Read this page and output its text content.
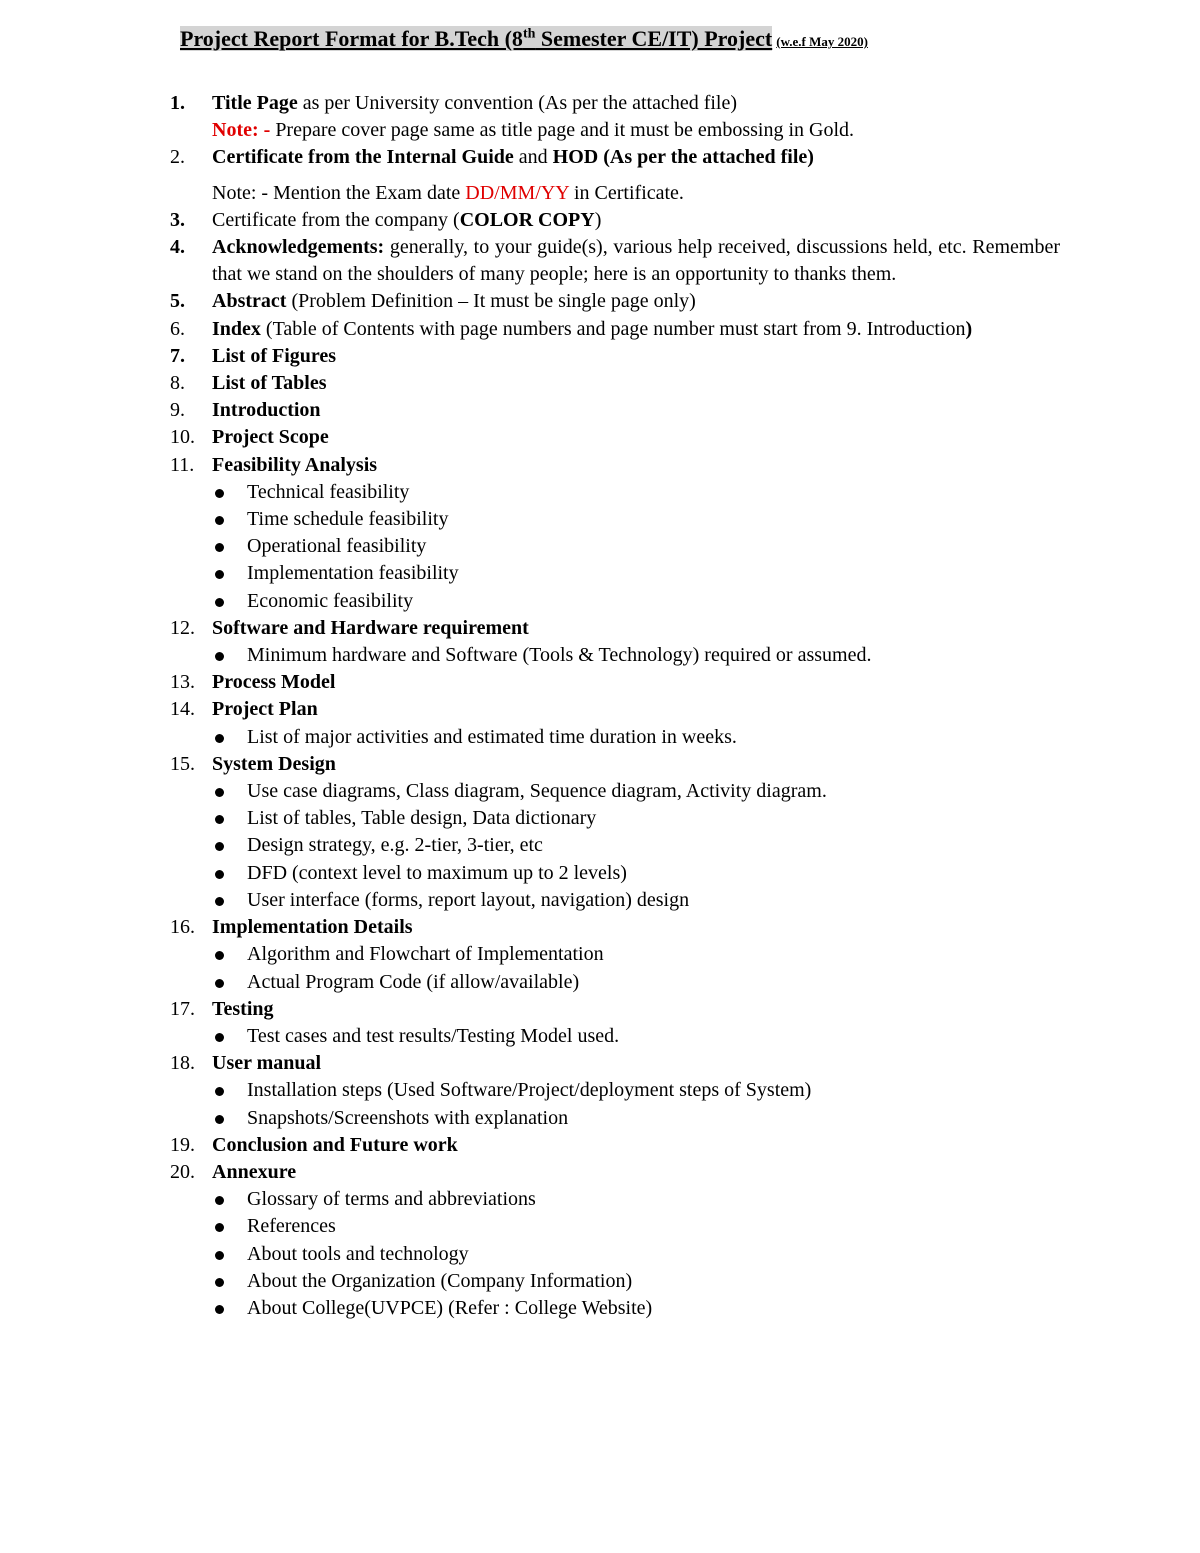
Project Report Format for B.Tech (8th Semester CE/IT) Project (w.e.f May 2020)
1.	Title Page as per University convention (As per the attached file)
Note: - Prepare cover page same as title page and it must be embossing in Gold.
2.	Certificate from the Internal Guide and HOD (As per the attached file)
Note: - Mention the Exam date DD/MM/YY in Certificate.
3.	Certificate from the company (COLOR COPY)
4.	Acknowledgements: generally, to your guide(s), various help received, discussions held, etc. Remember that we stand on the shoulders of many people; here is an opportunity to thanks them.
5.	Abstract (Problem Definition – It must be single page only)
6.	Index (Table of Contents with page numbers and page number must start from 9. Introduction)
7.	List of Figures
8.	List of Tables
9.	Introduction
10. Project Scope
11. Feasibility Analysis
Technical feasibility
Time schedule feasibility
Operational feasibility
Implementation feasibility
Economic feasibility
12. Software and Hardware requirement
Minimum hardware and Software (Tools & Technology) required or assumed.
13. Process Model
14. Project Plan
List of major activities and estimated time duration in weeks.
15. System Design
Use case diagrams, Class diagram, Sequence diagram, Activity diagram.
List of tables, Table design, Data dictionary
Design strategy, e.g. 2-tier, 3-tier, etc
DFD (context level to maximum up to 2 levels)
User interface (forms, report layout, navigation) design
16. Implementation Details
Algorithm and Flowchart of Implementation
Actual Program Code (if allow/available)
17. Testing
Test cases and test results/Testing Model used.
18. User manual
Installation steps (Used Software/Project/deployment steps of System)
Snapshots/Screenshots with explanation
19. Conclusion and Future work
20. Annexure
Glossary of terms and abbreviations
References
About tools and technology
About the Organization (Company Information)
About College(UVPCE) (Refer : College Website)
